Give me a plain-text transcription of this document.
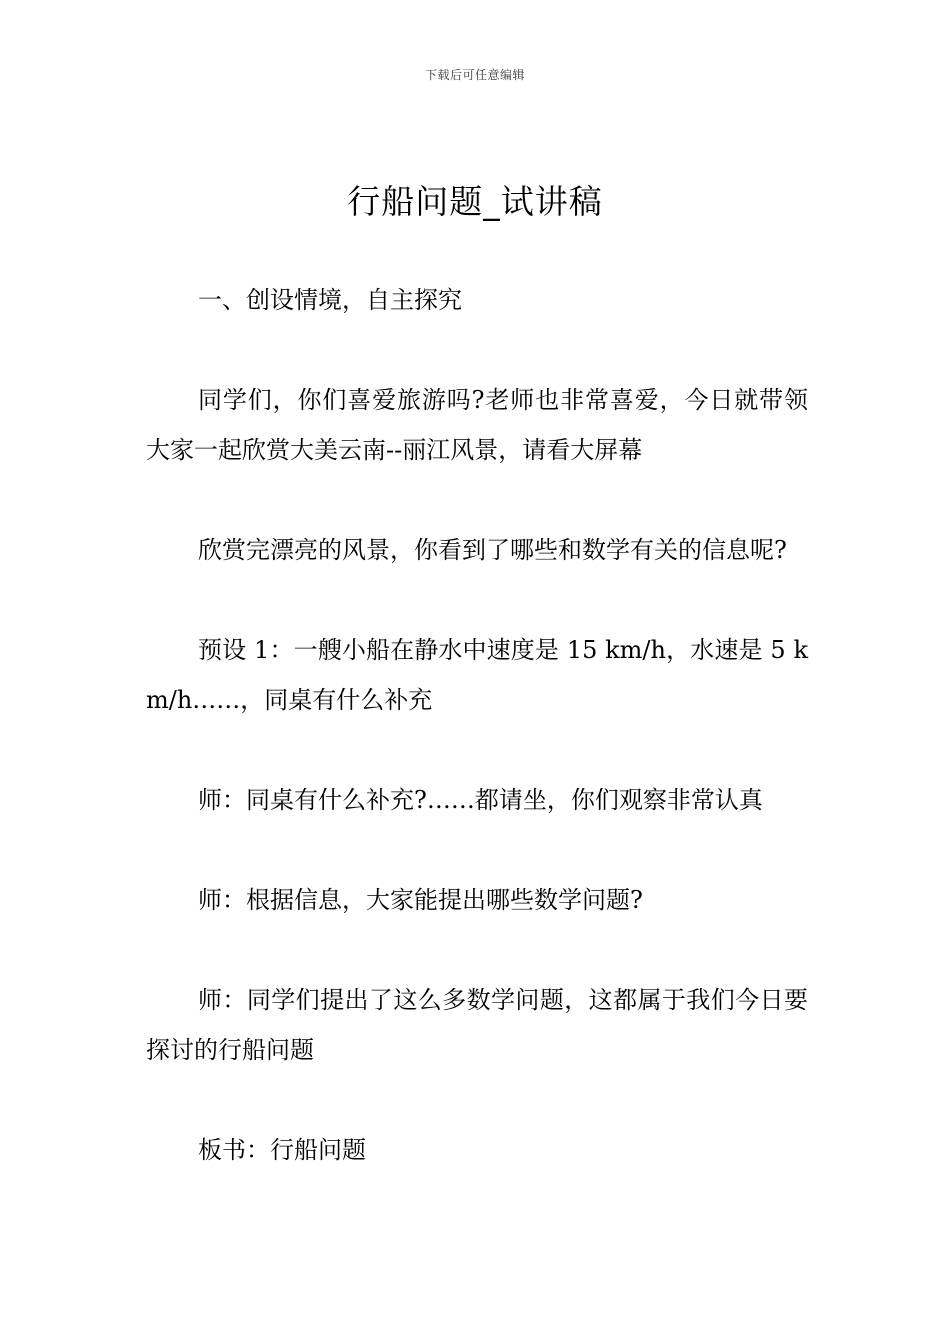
下载后可任意编辑
行船问题_试讲稿

一、创设情境，自主探究

同学们，你们喜爱旅游吗?老师也非常喜爱，今日就带领大家一起欣赏大美云南--丽江风景，请看大屏幕

欣赏完漂亮的风景，你看到了哪些和数学有关的信息呢?

预设 1：一艘小船在静水中速度是 15 km/h，水速是 5 km/h……，同桌有什么补充

师：同桌有什么补充?……都请坐，你们观察非常认真

师：根据信息，大家能提出哪些数学问题?

师：同学们提出了这么多数学问题，这都属于我们今日要探讨的行船问题

板书：行船问题
